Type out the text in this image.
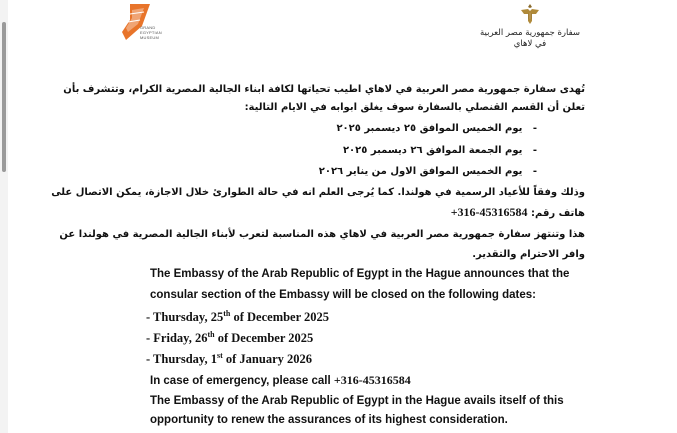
GRAND
EGYPTIAN
MUSEUM	سفارة جمهورية مصر العربية
في لاهاي
تُهدى سفارة جمهورية مصر العربية في لاهاي اطيب تحياتها لكافة ابناء الجالية المصرية الكرام، وتتشرف بأن
تعلن أن القسم القنصلي بالسفارة سوف يغلق ابوابه في الايام التالية:
-   يوم الخميس الموافق ٢٥ ديسمبر ٢٠٢٥
-   يوم الجمعة الموافق ٢٦ ديسمبر ٢٠٢٥
-   يوم الخميس الموافق الاول من يناير ٢٠٢٦
وذلك وفقاً للأعياد الرسمية في هولندا. كما يُرجى العلم انه في حالة الطوارئ خلال الاجازة، يمكن الاتصال على
هاتف رقم: +316-45316584
هذا وتنتهز سفارة جمهورية مصر العربية في لاهاي هذه المناسبة لتعرب لأبناء الجالية المصرية في هولندا عن
وافر الاحترام والتقدير.
The Embassy of the Arab Republic of Egypt in the Hague announces that the
consular section of the Embassy will be closed on the following dates:
- Thursday, 25th of December 2025
- Friday, 26th of December 2025
- Thursday, 1st of January 2026
In case of emergency, please call +316-45316584
The Embassy of the Arab Republic of Egypt in the Hague avails itself of this
opportunity to renew the assurances of its highest consideration.
